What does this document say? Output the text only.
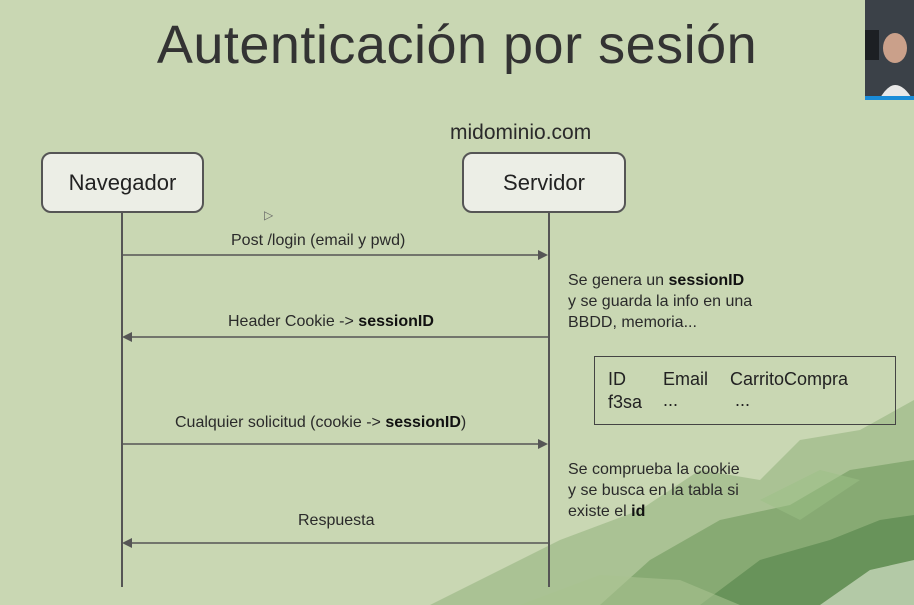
Autenticación por sesión
midominio.com
Navegador	Servidor
Post /login (email y pwd)
Header Cookie -> sessionID
Cualquier solicitud (cookie -> sessionID)
Respuesta
Se genera un sessionID
y se guarda la info en una
BBDD, memoria...
ID Email CarritoCompra
f3sa ...	...
Se comprueba la cookie
y se busca en la tabla si
existe el id
▷
